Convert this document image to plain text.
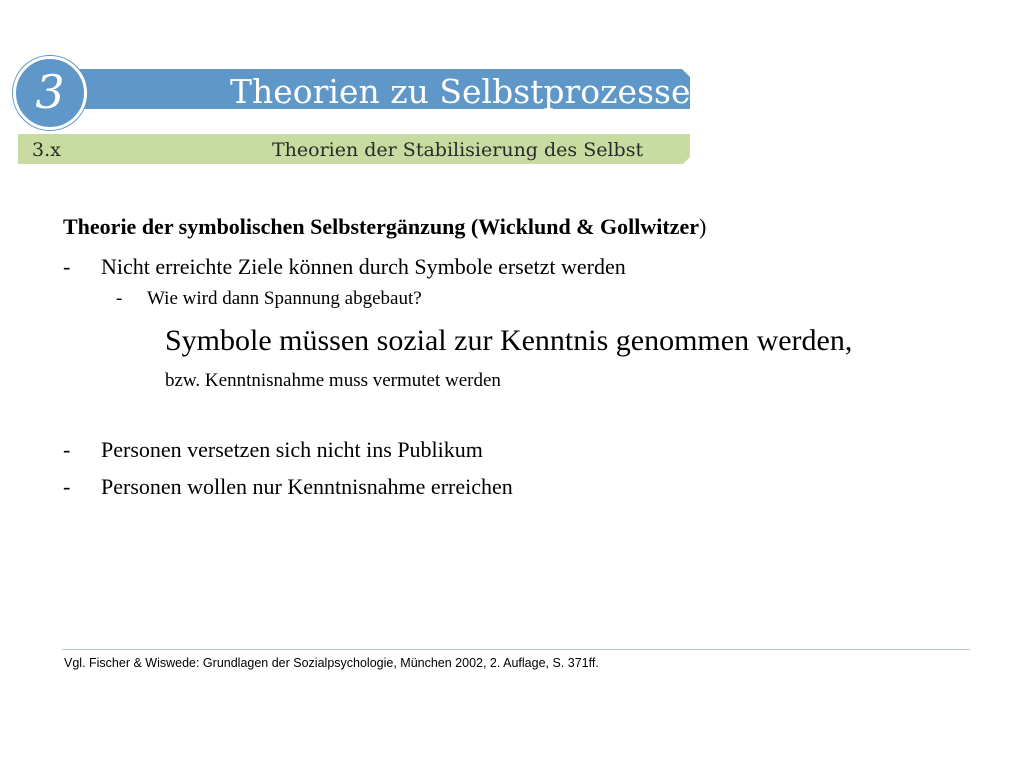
3	Theorien zu Selbstprozessen
3.x	Theorien der Stabilisierung des Selbst
Theorie der symbolischen Selbstergänzung (Wicklund & Gollwitzer)
- Nicht erreichte Ziele können durch Symbole ersetzt werden
- Wie wird dann Spannung abgebaut?
Symbole müssen sozial zur Kenntnis genommen werden,
bzw. Kenntnisnahme muss vermutet werden
- Personen versetzen sich nicht ins Publikum
- Personen wollen nur Kenntnisnahme erreichen
Vgl. Fischer & Wiswede: Grundlagen der Sozialpsychologie, München 2002, 2. Auflage, S. 371ff.
